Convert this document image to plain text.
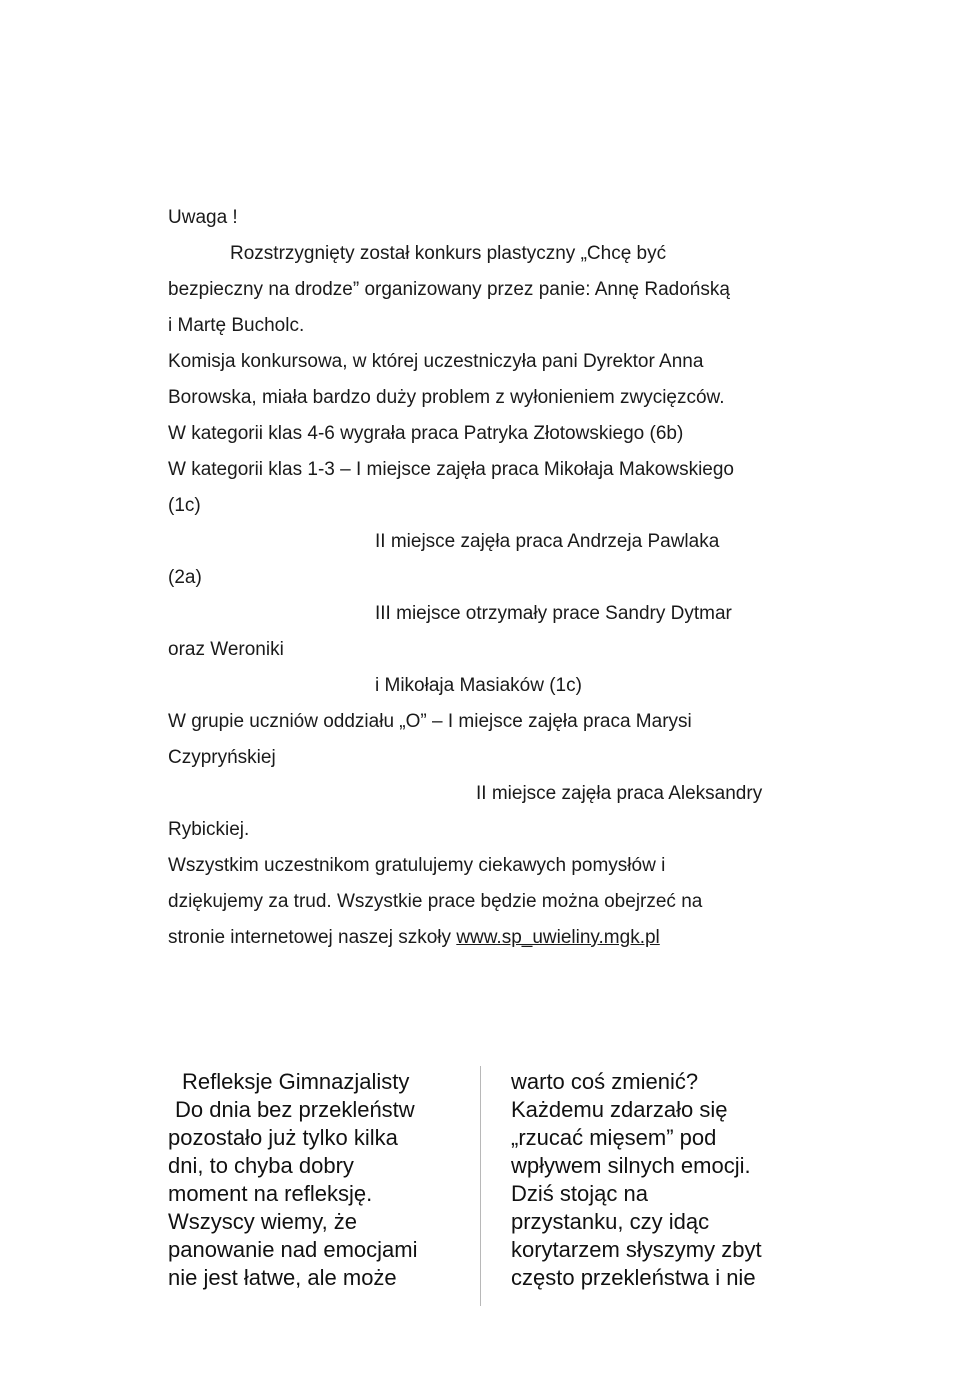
Uwaga !

Rozstrzygnięty został konkurs plastyczny „Chcę być

bezpieczny na drodze” organizowany przez panie: Annę Radońską

i Martę Bucholc.

Komisja konkursowa, w której uczestniczyła pani Dyrektor Anna

Borowska, miała bardzo duży problem z wyłonieniem zwycięzców.

W kategorii klas 4-6 wygrała praca Patryka Złotowskiego (6b)

W kategorii klas 1-3 – I miejsce zajęła praca Mikołaja Makowskiego

(1c)

II miejsce zajęła praca Andrzeja Pawlaka

(2a)

III miejsce otrzymały prace Sandry Dytmar

oraz Weroniki

i Mikołaja Masiaków (1c)

W grupie uczniów oddziału „O” – I miejsce zajęła praca Marysi

Czypryńskiej

II miejsce zajęła praca Aleksandry

Rybickiej.

Wszystkim uczestnikom gratulujemy ciekawych pomysłów i

dziękujemy za trud. Wszystkie prace będzie można obejrzeć na

stronie internetowej naszej szkoły www.sp_uwieliny.mgk.pl

Refleksje Gimnazjalisty
Do dnia bez przekleństw
pozostało już tylko kilka
dni, to chyba dobry
moment na refleksję.
Wszyscy wiemy, że
panowanie nad emocjami
nie jest łatwe, ale może
warto coś zmienić?
Każdemu zdarzało się
„rzucać mięsem” pod
wpływem silnych emocji.
Dziś stojąc na
przystanku, czy idąc
korytarzem słyszymy zbyt
często przekleństwa i nie
